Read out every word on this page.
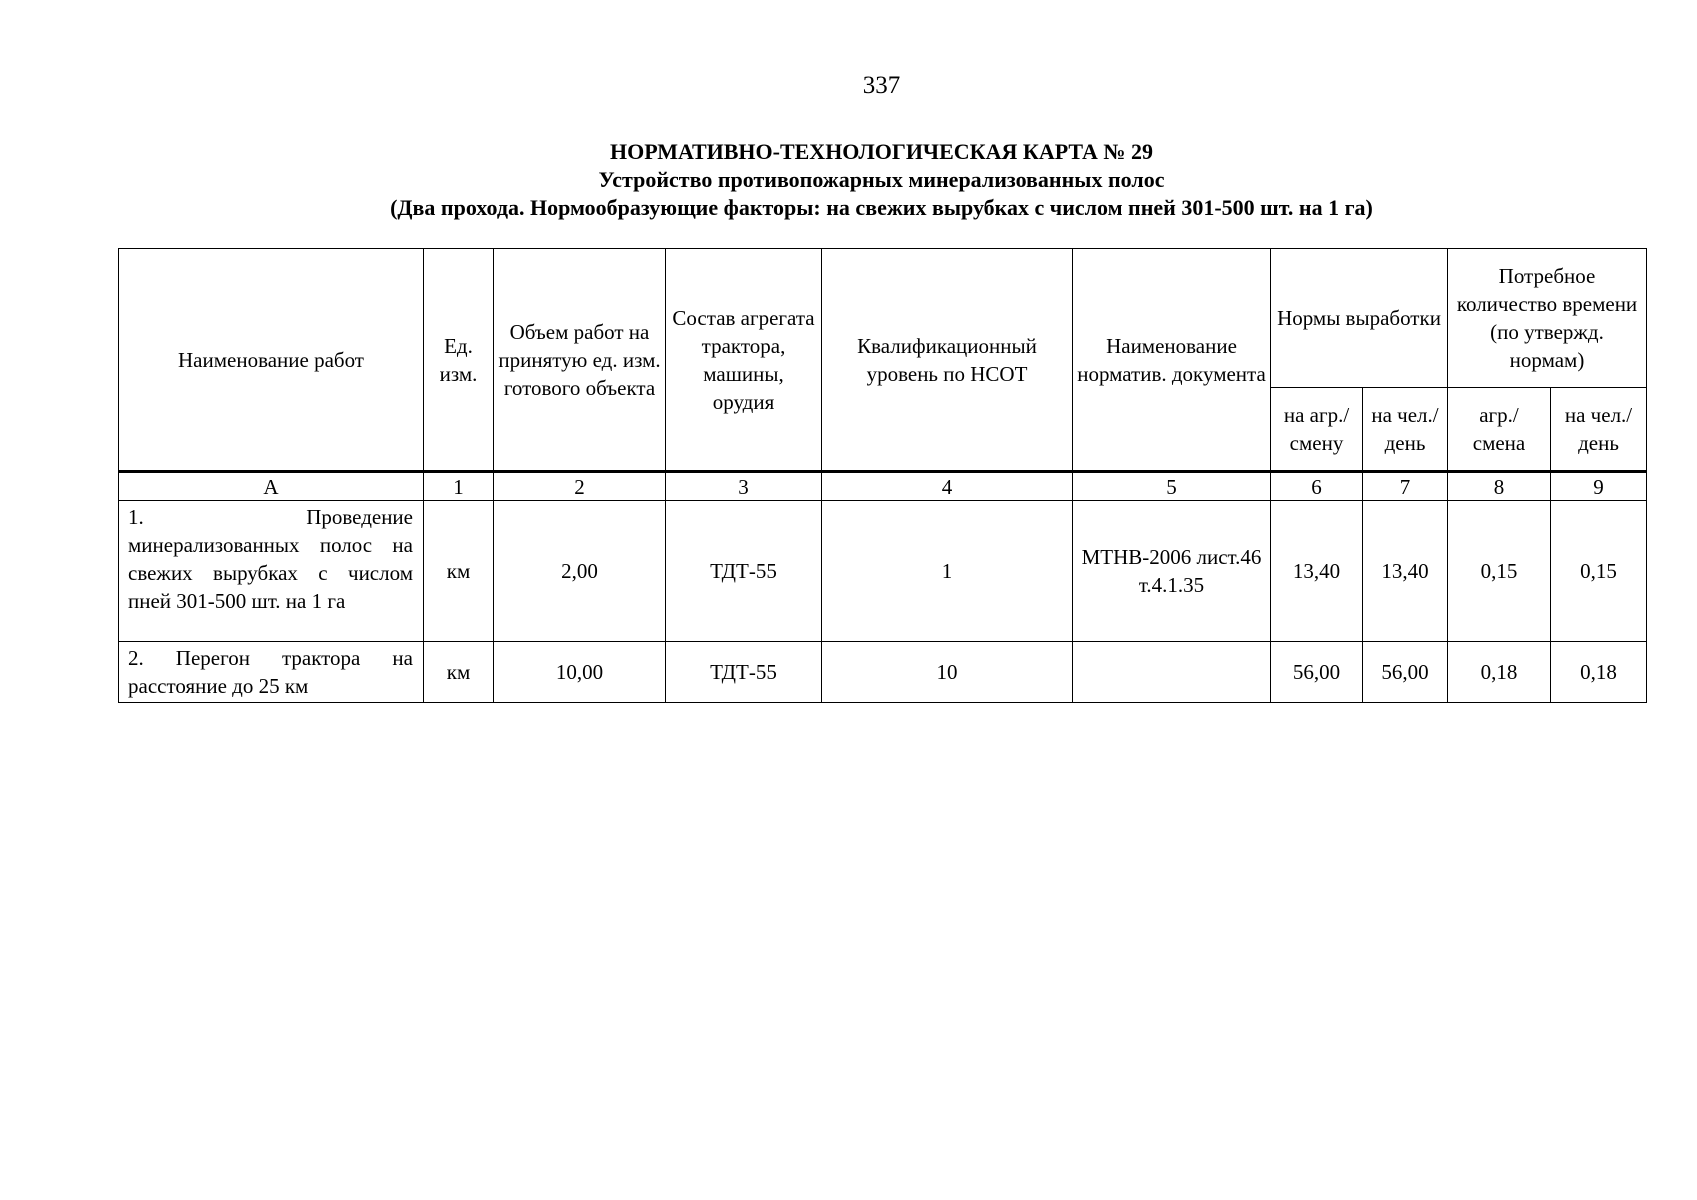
337
НОРМАТИВНО-ТЕХНОЛОГИЧЕСКАЯ КАРТА № 29
Устройство противопожарных минерализованных полос
(Два прохода. Нормообразующие факторы: на свежих вырубках с числом пней 301-500 шт. на 1 га)
Наименование работ	Ед. изм.	Объем работ на принятую ед. изм. готового объекта	Состав агрегата трактора, машины, орудия	Квалификационный уровень по НСОТ	Наименование норматив. документа	Нормы выработки		Потребное количество времени (по утвержд. нормам)	
						на агр./ смену	на чел./ день	агр./ смена	на чел./ день
А	1	2	3	4	5	6	7	8	9
1. Проведение минерализованных полос на свежих вырубках с числом пней 301-500 шт. на 1 га	км	2,00	ТДТ-55	1	МТНВ-2006 лист.46 т.4.1.35	13,40	13,40	0,15	0,15
2. Перегон трактора на расстояние до 25 км	км	10,00	ТДТ-55	10		56,00	56,00	0,18	0,18
